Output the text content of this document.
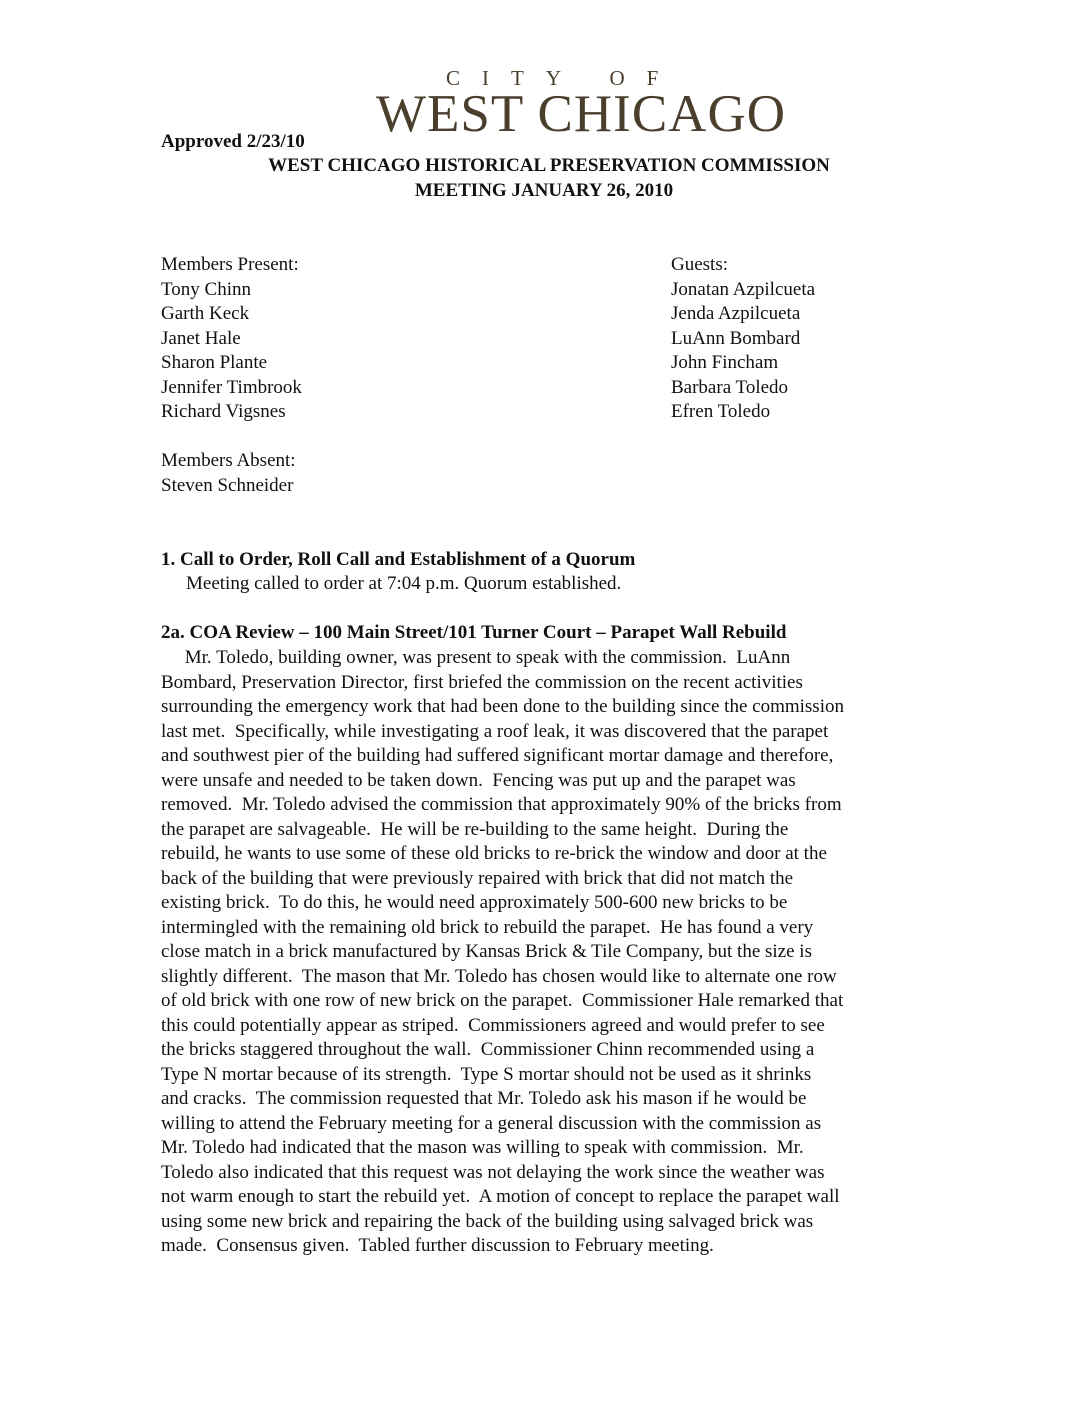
CITY OF
WEST CHICAGO
Approved 2/23/10
WEST CHICAGO HISTORICAL PRESERVATION COMMISSION
MEETING JANUARY 26, 2010
Members Present:
Tony Chinn
Garth Keck
Janet Hale
Sharon Plante
Jennifer Timbrook
Richard Vigsnes
Guests:
Jonatan Azpilcueta
Jenda Azpilcueta
LuAnn Bombard
John Fincham
Barbara Toledo
Efren Toledo
Members Absent:
Steven Schneider
1. Call to Order, Roll Call and Establishment of a Quorum
Meeting called to order at 7:04 p.m. Quorum established.
2a. COA Review – 100 Main Street/101 Turner Court – Parapet Wall Rebuild
Mr. Toledo, building owner, was present to speak with the commission.  LuAnn
Bombard, Preservation Director, first briefed the commission on the recent activities
surrounding the emergency work that had been done to the building since the commission
last met.  Specifically, while investigating a roof leak, it was discovered that the parapet
and southwest pier of the building had suffered significant mortar damage and therefore,
were unsafe and needed to be taken down.  Fencing was put up and the parapet was
removed.  Mr. Toledo advised the commission that approximately 90% of the bricks from
the parapet are salvageable.  He will be re-building to the same height.  During the
rebuild, he wants to use some of these old bricks to re-brick the window and door at the
back of the building that were previously repaired with brick that did not match the
existing brick.  To do this, he would need approximately 500-600 new bricks to be
intermingled with the remaining old brick to rebuild the parapet.  He has found a very
close match in a brick manufactured by Kansas Brick & Tile Company, but the size is
slightly different.  The mason that Mr. Toledo has chosen would like to alternate one row
of old brick with one row of new brick on the parapet.  Commissioner Hale remarked that
this could potentially appear as striped.  Commissioners agreed and would prefer to see
the bricks staggered throughout the wall.  Commissioner Chinn recommended using a
Type N mortar because of its strength.  Type S mortar should not be used as it shrinks
and cracks.  The commission requested that Mr. Toledo ask his mason if he would be
willing to attend the February meeting for a general discussion with the commission as
Mr. Toledo had indicated that the mason was willing to speak with commission.  Mr.
Toledo also indicated that this request was not delaying the work since the weather was
not warm enough to start the rebuild yet.  A motion of concept to replace the parapet wall
using some new brick and repairing the back of the building using salvaged brick was
made.  Consensus given.  Tabled further discussion to February meeting.
